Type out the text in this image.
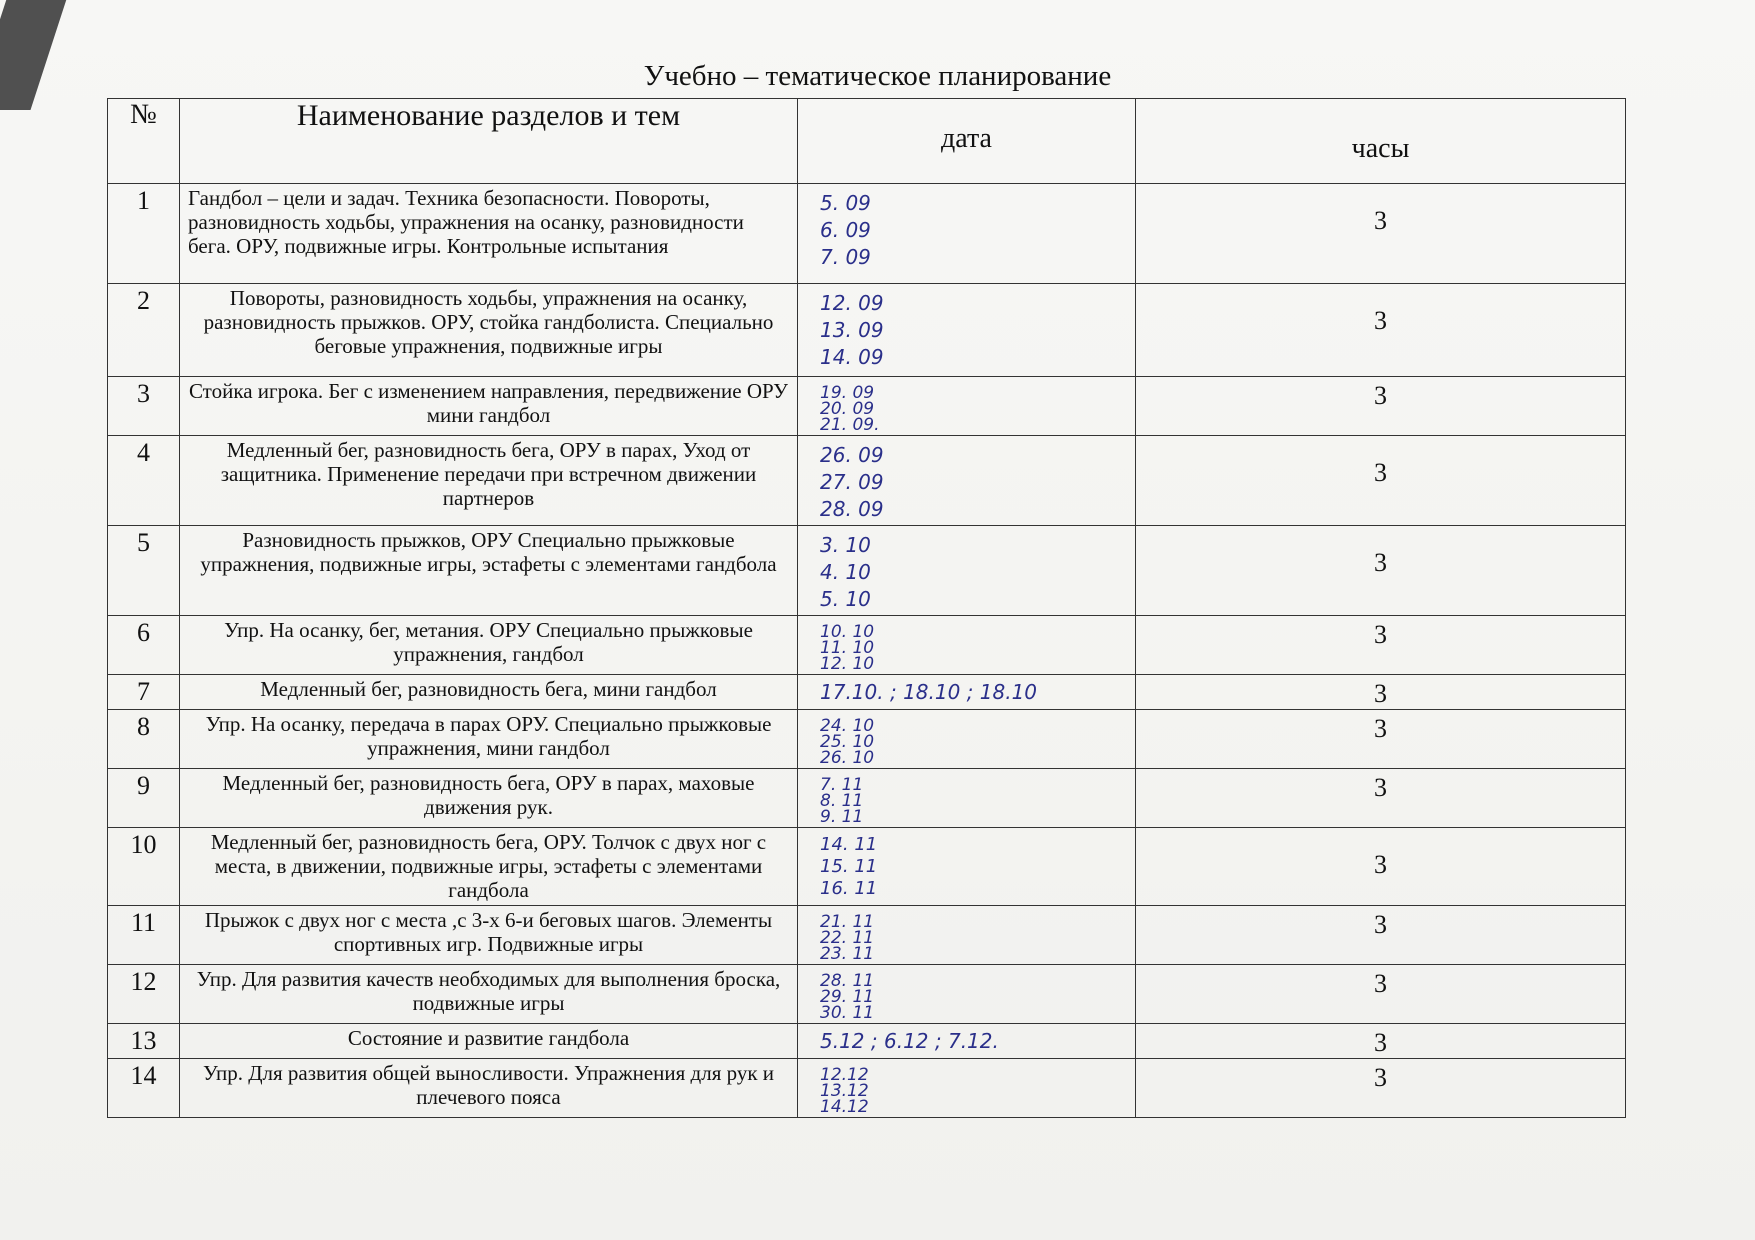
Учебно – тематическое планирование
№	Наименование разделов и тем	дата	часы
1	Гандбол – цели и задач. Техника безопасности. Повороты, разновидность ходьбы, упражнения на осанку, разновидности бега. ОРУ, подвижные игры. Контрольные испытания	5. 09
6. 09
7. 09	3
2	Повороты, разновидность ходьбы, упражнения на осанку, разновидность прыжков. ОРУ, стойка гандболиста. Специально беговые упражнения, подвижные игры	12. 09
13. 09
14. 09	3
3	Стойка игрока. Бег с изменением направления, передвижение ОРУ мини гандбол	19. 09
20. 09
21. 09.	3
4	Медленный бег, разновидность бега, ОРУ в парах, Уход от защитника. Применение передачи при встречном движении партнеров	26. 09
27. 09
28. 09	3
5	Разновидность прыжков, ОРУ Специально прыжковые упражнения, подвижные игры, эстафеты с элементами гандбола	3. 10
4. 10
5. 10	3
6	Упр. На осанку, бег, метания. ОРУ Специально прыжковые упражнения, гандбол	10. 10
11. 10
12. 10	3
7	Медленный бег, разновидность бега, мини гандбол	17.10. ; 18.10 ; 18.10	3
8	Упр. На осанку, передача в парах ОРУ. Специально прыжковые упражнения, мини гандбол	24. 10
25. 10
26. 10	3
9	Медленный бег, разновидность бега, ОРУ в парах, маховые движения рук.	7. 11
8. 11
9. 11	3
10	Медленный бег, разновидность бега, ОРУ. Толчок с двух ног с места, в движении, подвижные игры, эстафеты с элементами гандбола	14. 11
15. 11
16. 11	3
11	Прыжок с двух ног с места ,с 3-х 6-и беговых шагов. Элементы спортивных игр. Подвижные игры	21. 11
22. 11
23. 11	3
12	Упр. Для развития качеств необходимых для выполнения броска, подвижные игры	28. 11
29. 11
30. 11	3
13	Состояние и развитие гандбола	5.12 ; 6.12 ; 7.12.	3
14	Упр. Для развития общей выносливости. Упражнения для рук и плечевого пояса	12.12
13.12
14.12	3
